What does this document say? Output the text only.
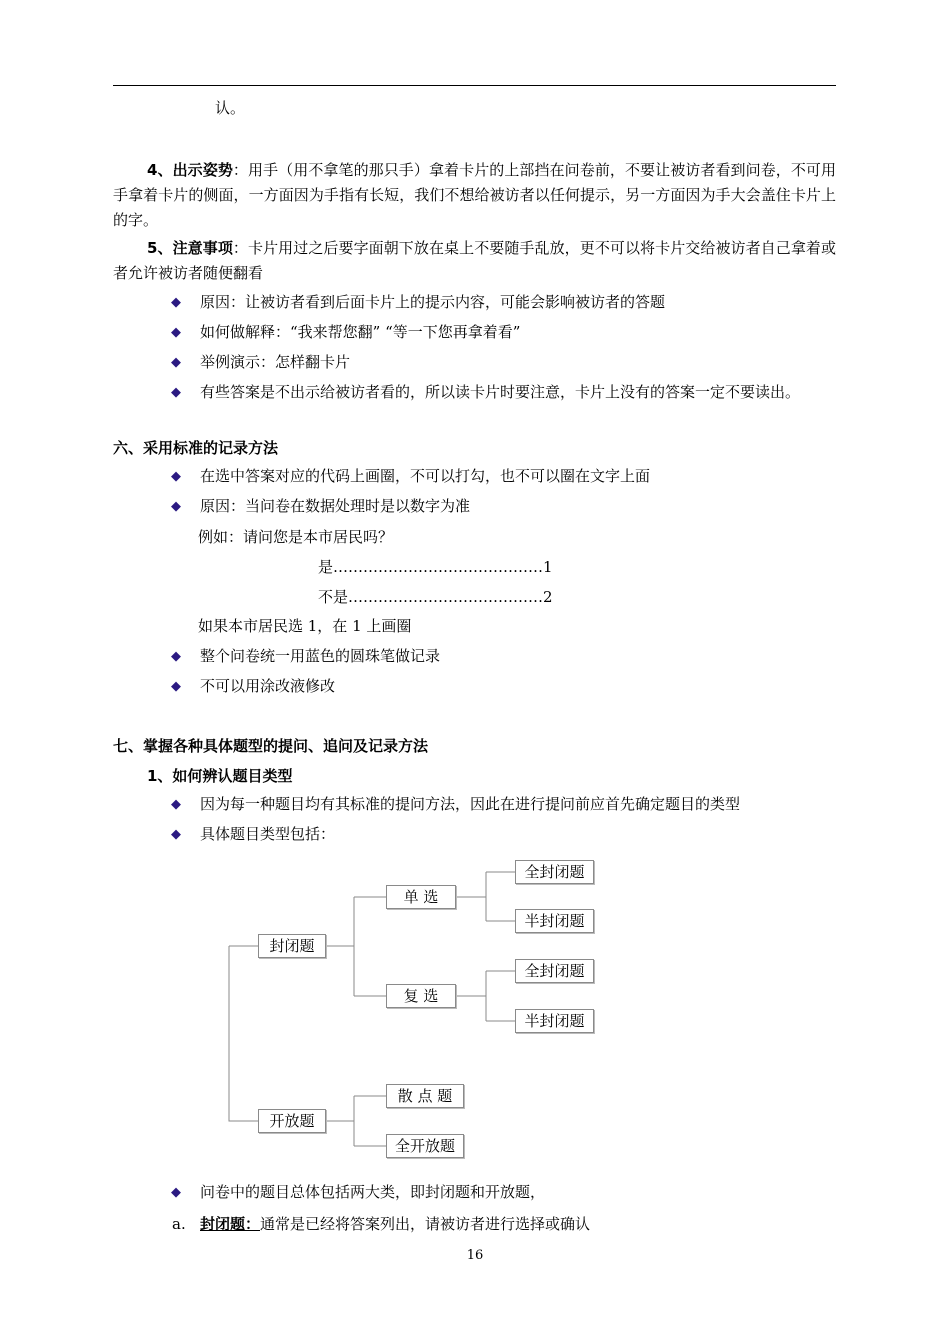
认。
4、出示姿势：用手（用不拿笔的那只手）拿着卡片的上部挡在问卷前，不要让被访者看到问卷，不可用手拿着卡片的侧面，一方面因为手指有长短，我们不想给被访者以任何提示，另一方面因为手大会盖住卡片上的字。
5、注意事项：卡片用过之后要字面朝下放在桌上不要随手乱放，更不可以将卡片交给被访者自己拿着或者允许被访者随便翻看
◆ 原因：让被访者看到后面卡片上的提示内容，可能会影响被访者的答题
◆ 如何做解释：“我来帮您翻” “等一下您再拿着看”
◆ 举例演示：怎样翻卡片
◆ 有些答案是不出示给被访者看的，所以读卡片时要注意，卡片上没有的答案一定不要读出。
六、采用标准的记录方法
◆ 在选中答案对应的代码上画圈，不可以打勾，也不可以圈在文字上面
◆ 原因：当问卷在数据处理时是以数字为准
例如：请问您是本市居民吗？
是……………………………………1
不是…………………………………2
如果本市居民选 1，在 1 上画圈
◆ 整个问卷统一用蓝色的圆珠笔做记录
◆ 不可以用涂改液修改
七、掌握各种具体题型的提问、追问及记录方法
1、如何辨认题目类型
◆ 因为每一种题目均有其标准的提问方法，因此在进行提问前应首先确定题目的类型
◆ 具体题目类型包括：
封闭题
开放题
单 选
复 选
全封闭题
半封闭题
全封闭题
半封闭题
散 点 题
全开放题
◆ 问卷中的题目总体包括两大类，即封闭题和开放题，
a. 封闭题：通常是已经将答案列出，请被访者进行选择或确认
16
